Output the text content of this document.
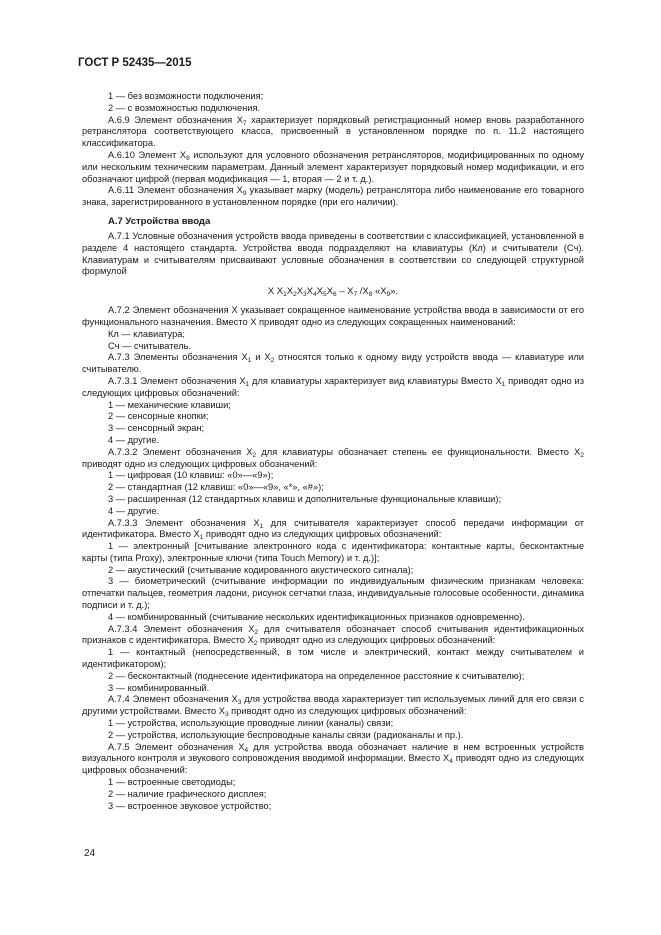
ГОСТ Р 52435—2015

1 — без возможности подключения;

2 — с возможностью подключения.

А.6.9 Элемент обозначения $X_7$ характеризует порядковый регистрационный номер вновь разработанного ретранслятора соответствующего класса, присвоенный в установленном порядке по п. 11.2 настоящего классификатора.

А.6.10 Элемент $X_8$ используют для условного обозначения ретрансляторов, модифицированных по одному или нескольким техническим параметрам. Данный элемент характеризует порядковый номер модификации, и его обозначают цифрой (первая модификация — 1, вторая — 2 и т. д.).

А.6.11 Элемент обозначения $X_9$ указывает марку (модель) ретранслятора либо наименование его товарного знака, зарегистрированного в установленном порядке (при его наличии).

А.7 Устройства ввода

А.7.1 Условные обозначения устройств ввода приведены в соответствии с классификацией, установленной в разделе 4 настоящего стандарта. Устройства ввода подразделяют на клавиатуры (Кл) и считыватели (Сч). Клавиатурам и считывателям присваивают условные обозначения в соответствии со следующей структурной формулой

X $X_1X_2X_3X_4X_5X_6 - X_7$ $/X_8$ «$X_9$».

А.7.2 Элемент обозначения X указывает сокращенное наименование устройства ввода в зависимости от его функционального назначения. Вместо X приводят одно из следующих сокращенных наименований:

Кл — клавиатура;

Сч — считыватель.

А.7.3 Элементы обозначения $X_1$ и $X_2$ относятся только к одному виду устройств ввода — клавиатуре или считывателю.

А.7.3.1 Элемент обозначения $X_1$ для клавиатуры характеризует вид клавиатуры Вместо $X_1$ приводят одно из следующих цифровых обозначений:

1 — механические клавиши;

2 — сенсорные кнопки;

3 — сенсорный экран;

4 — другие.

А.7.3.2 Элемент обозначения $X_2$ для клавиатуры обозначает степень ее функциональности. Вместо $X_2$ приводят одно из следующих цифровых обозначений:

1 — цифровая (10 клавиш: «0»—«9»);

2 — стандартная (12 клавиш: «0»—«9», «*», «#»);

3 — расширенная (12 стандартных клавиш и дополнительные функциональные клавиши);

4 — другие.

А.7.3.3 Элемент обозначения $X_1$ для считывателя характеризует способ передачи информации от идентификатора. Вместо $X_1$ приводят одно из следующих цифровых обозначений:

1 — электронный [считывание электронного кода с идентификатора: контактные карты, бесконтактные карты (типа Proxy), электронные ключи (типа Touch Memory) и т. д.)];

2 — акустический (считывание кодированного акустического сигнала);

3 — биометрический (считывание информации по индивидуальным физическим признакам человека: отпечатки пальцев, геометрия ладони, рисунок сетчатки глаза, индивидуальные голосовые особенности, динамика подписи и т. д.);

4 — комбинированный (считывание нескольких идентификационных признаков одновременно).

А.7.3.4 Элемент обозначения $X_2$ для считывателя обозначает способ считывания идентификационных признаков с идентификатора. Вместо $X_2$ приводят одно из следующих цифровых обозначений:

1 — контактный (непосредственный, в том числе и электрический, контакт между считывателем и идентификатором);

2 — бесконтактный (поднесение идентификатора на определенное расстояние к считывателю);

3 — комбинированный.

А.7.4 Элемент обозначения $X_3$ для устройства ввода характеризует тип используемых линий для его связи с другими устройствами. Вместо $X_3$ приводят одно из следующих цифровых обозначений:

1 — устройства, использующие проводные линии (каналы) связи;

2 — устройства, использующие беспроводные каналы связи (радиоканалы и пр.).

А.7.5 Элемент обозначения $X_4$ для устройства ввода обозначает наличие в нем встроенных устройств визуального контроля и звукового сопровождения вводимой информации. Вместо $X_4$ приводят одно из следующих цифровых обозначений:

1 — встроенные светодиоды;

2 — наличие графического дисплея;

3 — встроенное звуковое устройство;

24
